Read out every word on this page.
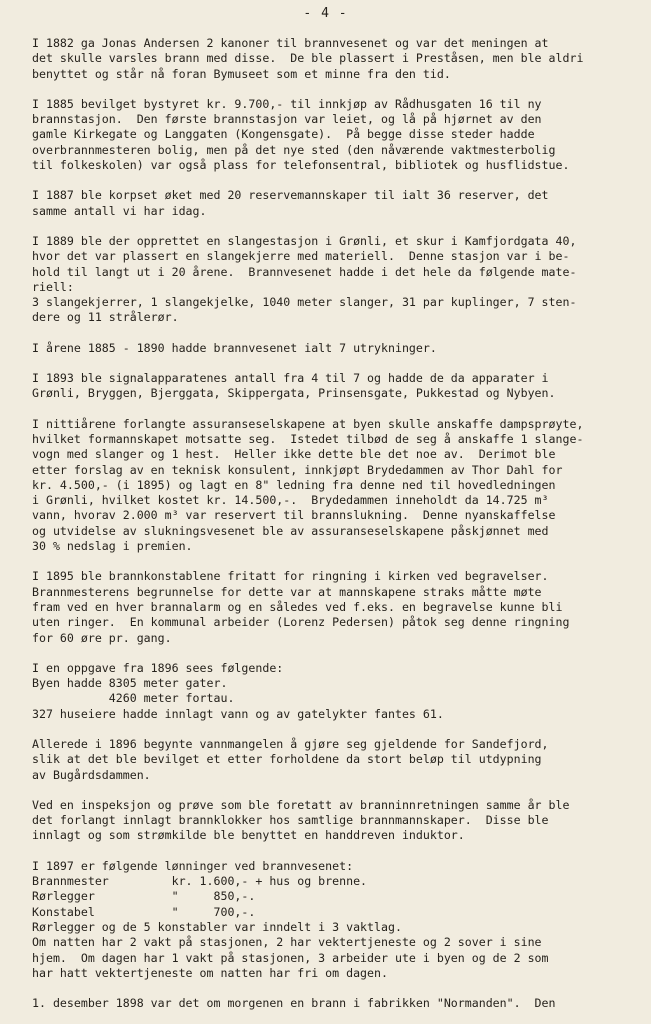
- 4 -
I 1882 ga Jonas Andersen 2 kanoner til brannvesenet og var det meningen at
det skulle varsles brann med disse.  De ble plassert i Preståsen, men ble aldri
benyttet og står nå foran Bymuseet som et minne fra den tid.
I 1885 bevilget bystyret kr. 9.700,- til innkjøp av Rådhusgaten 16 til ny
brannstasjon.  Den første brannstasjon var leiet, og lå på hjørnet av den
gamle Kirkegate og Langgaten (Kongensgate).  På begge disse steder hadde
overbrannmesteren bolig, men på det nye sted (den nåværende vaktmesterbolig
til folkeskolen) var også plass for telefonsentral, bibliotek og husflidstue.
I 1887 ble korpset øket med 20 reservemannskaper til ialt 36 reserver, det
samme antall vi har idag.
I 1889 ble der opprettet en slangestasjon i Grønli, et skur i Kamfjordgata 40,
hvor det var plassert en slangekjerre med materiell.  Denne stasjon var i be-
hold til langt ut i 20 årene.  Brannvesenet hadde i det hele da følgende mate-
riell:
3 slangekjerrer, 1 slangekjelke, 1040 meter slanger, 31 par kuplinger, 7 sten-
dere og 11 strålerør.
I årene 1885 - 1890 hadde brannvesenet ialt 7 utrykninger.
I 1893 ble signalapparatenes antall fra 4 til 7 og hadde de da apparater i
Grønli, Bryggen, Bjerggata, Skippergata, Prinsensgate, Pukkestad og Nybyen.
I nittiårene forlangte assuranseselskapene at byen skulle anskaffe dampsprøyte,
hvilket formannskapet motsatte seg.  Istedet tilbød de seg å anskaffe 1 slange-
vogn med slanger og 1 hest.  Heller ikke dette ble det noe av.  Derimot ble
etter forslag av en teknisk konsulent, innkjøpt Brydedammen av Thor Dahl for
kr. 4.500,- (i 1895) og lagt en 8" ledning fra denne ned til hovedledningen
i Grønli, hvilket kostet kr. 14.500,-.  Brydedammen inneholdt da 14.725 m³
vann, hvorav 2.000 m³ var reservert til brannslukning.  Denne nyanskaffelse
og utvidelse av slukningsvesenet ble av assuranseselskapene påskjønnet med
30 % nedslag i premien.
I 1895 ble brannkonstablene fritatt for ringning i kirken ved begravelser.
Brannmesterens begrunnelse for dette var at mannskapene straks måtte møte
fram ved en hver brannalarm og en således ved f.eks. en begravelse kunne bli
uten ringer.  En kommunal arbeider (Lorenz Pedersen) påtok seg denne ringning
for 60 øre pr. gang.
I en oppgave fra 1896 sees følgende:
Byen hadde 8305 meter gater.
4260 meter fortau.
327 huseiere hadde innlagt vann og av gatelykter fantes 61.
Allerede i 1896 begynte vannmangelen å gjøre seg gjeldende for Sandefjord,
slik at det ble bevilget et etter forholdene da stort beløp til utdypning
av Bugårdsdammen.
Ved en inspeksjon og prøve som ble foretatt av branninnretningen samme år ble
det forlangt innlagt brannklokker hos samtlige brannmannskaper.  Disse ble
innlagt og som strømkilde ble benyttet en handdreven induktor.
I 1897 er følgende lønninger ved brannvesenet:
Brannmester         kr. 1.600,- + hus og brenne.
Rørlegger           "     850,-.
Konstabel           "     700,-.
Rørlegger og de 5 konstabler var inndelt i 3 vaktlag.
Om natten har 2 vakt på stasjonen, 2 har vektertjeneste og 2 sover i sine
hjem.  Om dagen har 1 vakt på stasjonen, 3 arbeider ute i byen og de 2 som
har hatt vektertjeneste om natten har fri om dagen.
1. desember 1898 var det om morgenen en brann i fabrikken "Normanden".  Den
